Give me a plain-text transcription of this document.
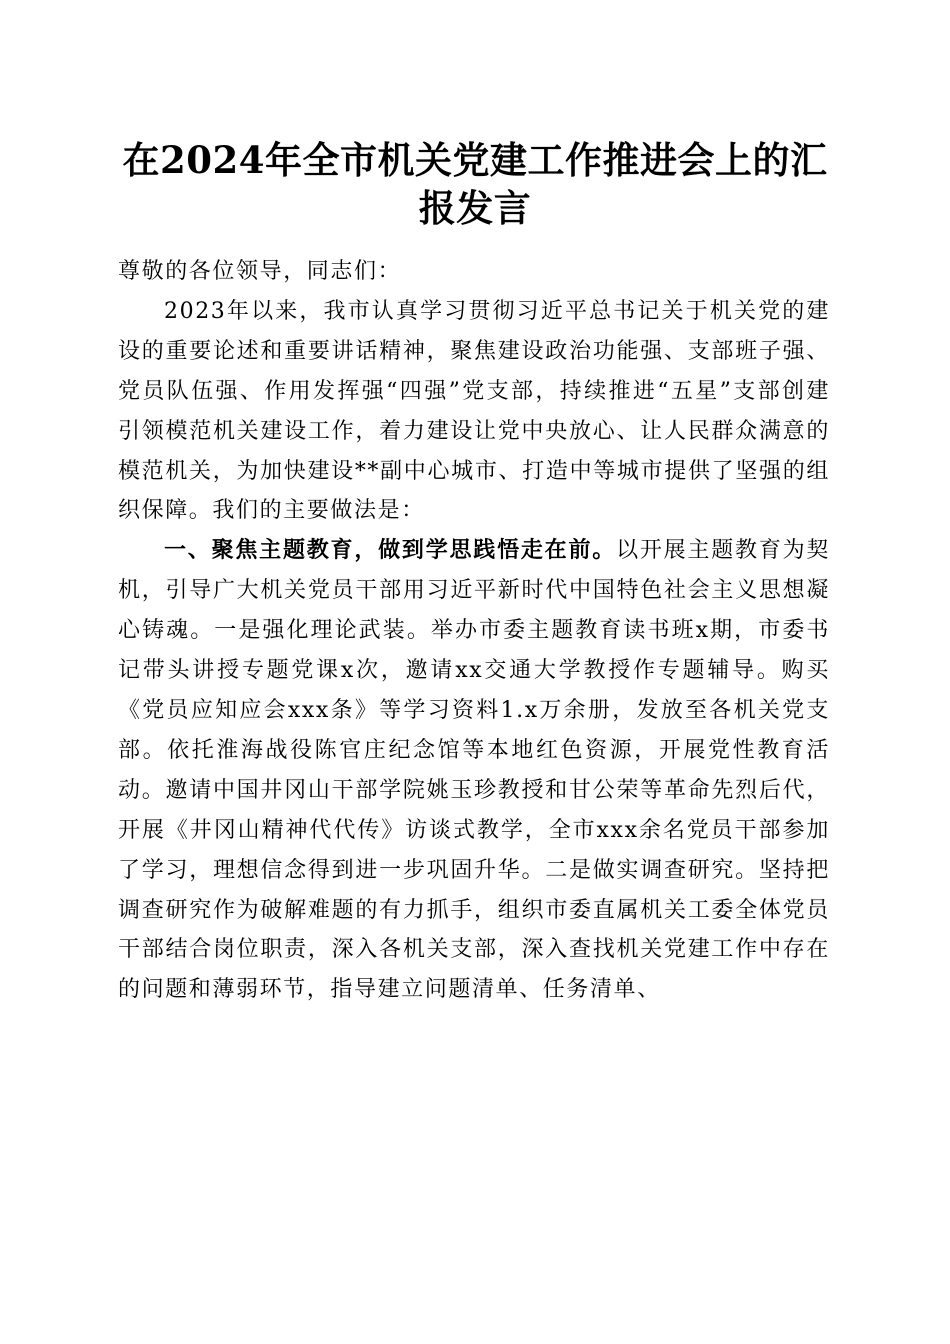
在2024年全市机关党建工作推进会上的汇报发言

尊敬的各位领导，同志们：

2023年以来，我市认真学习贯彻习近平总书记关于机关党的建设的重要论述和重要讲话精神，聚焦建设政治功能强、支部班子强、党员队伍强、作用发挥强“四强”党支部，持续推进“五星”支部创建引领模范机关建设工作，着力建设让党中央放心、让人民群众满意的模范机关，为加快建设**副中心城市、打造中等城市提供了坚强的组织保障。我们的主要做法是：

一、聚焦主题教育，做到学思践悟走在前。以开展主题教育为契机，引导广大机关党员干部用习近平新时代中国特色社会主义思想凝心铸魂。一是强化理论武装。举办市委主题教育读书班x期，市委书记带头讲授专题党课x次，邀请xx交通大学教授作专题辅导。购买《党员应知应会xxx条》等学习资料1.x万余册，发放至各机关党支部。依托淮海战役陈官庄纪念馆等本地红色资源，开展党性教育活动。邀请中国井冈山干部学院姚玉珍教授和甘公荣等革命先烈后代，开展《井冈山精神代代传》访谈式教学，全市xxx余名党员干部参加了学习，理想信念得到进一步巩固升华。二是做实调查研究。坚持把调查研究作为破解难题的有力抓手，组织市委直属机关工委全体党员干部结合岗位职责，深入各机关支部，深入查找机关党建工作中存在的问题和薄弱环节，指导建立问题清单、任务清单、
